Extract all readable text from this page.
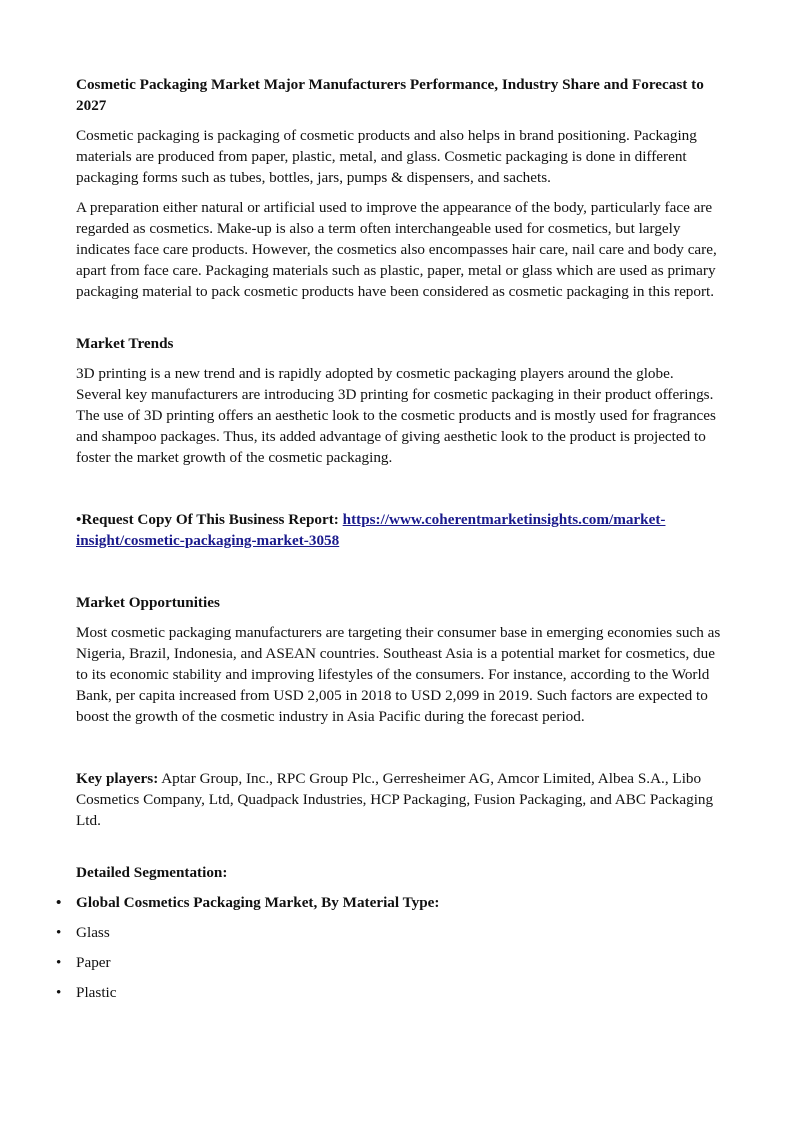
Cosmetic Packaging Market Major Manufacturers Performance, Industry Share and Forecast to 2027

Cosmetic packaging is packaging of cosmetic products and also helps in brand positioning. Packaging materials are produced from paper, plastic, metal, and glass. Cosmetic packaging is done in different packaging forms such as tubes, bottles, jars, pumps & dispensers, and sachets.

A preparation either natural or artificial used to improve the appearance of the body, particularly face are regarded as cosmetics. Make-up is also a term often interchangeable used for cosmetics, but largely indicates face care products. However, the cosmetics also encompasses hair care, nail care and body care, apart from face care. Packaging materials such as plastic, paper, metal or glass which are used as primary packaging material to pack cosmetic products have been considered as cosmetic packaging in this report.

Market Trends

3D printing is a new trend and is rapidly adopted by cosmetic packaging players around the globe. Several key manufacturers are introducing 3D printing for cosmetic packaging in their product offerings. The use of 3D printing offers an aesthetic look to the cosmetic products and is mostly used for fragrances and shampoo packages. Thus, its added advantage of giving aesthetic look to the product is projected to foster the market growth of the cosmetic packaging.

•Request Copy Of This Business Report: https://www.coherentmarketinsights.com/market-insight/cosmetic-packaging-market-3058

Market Opportunities

Most cosmetic packaging manufacturers are targeting their consumer base in emerging economies such as Nigeria, Brazil, Indonesia, and ASEAN countries. Southeast Asia is a potential market for cosmetics, due to its economic stability and improving lifestyles of the consumers. For instance, according to the World Bank, per capita increased from USD 2,005 in 2018 to USD 2,099 in 2019. Such factors are expected to boost the growth of the cosmetic industry in Asia Pacific during the forecast period.

Key players: Aptar Group, Inc., RPC Group Plc., Gerresheimer AG, Amcor Limited, Albea S.A., Libo Cosmetics Company, Ltd, Quadpack Industries, HCP Packaging, Fusion Packaging, and ABC Packaging Ltd.

Detailed Segmentation:
• Global Cosmetics Packaging Market, By Material Type:
• Glass
• Paper
• Plastic
